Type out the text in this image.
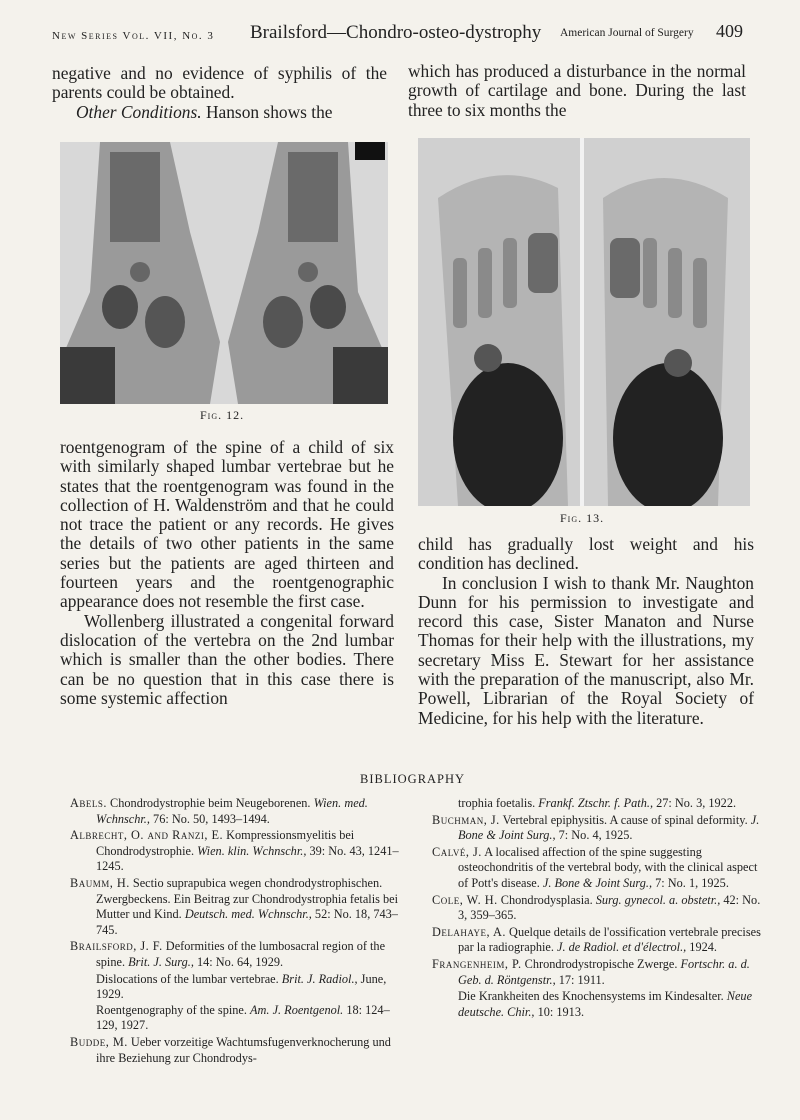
New Series Vol. VII, No. 3 Brailsford—Chondro-osteo-dystrophy American Journal of Surgery 409

negative and no evidence of syphilis of the parents could be obtained.

Other Conditions. Hanson shows the

which has produced a disturbance in the normal growth of cartilage and bone. During the last three to six months the

Fig. 12.
Fig. 13.

roentgenogram of the spine of a child of six with similarly shaped lumbar vertebrae but he states that the roentgenogram was found in the collection of H. Waldenström and that he could not trace the patient or any records. He gives the details of two other patients in the same series but the patients are aged thirteen and fourteen years and the roentgenographic appearance does not resemble the first case.

Wollenberg illustrated a congenital forward dislocation of the vertebra on the 2nd lumbar which is smaller than the other bodies. There can be no question that in this case there is some systemic affection

child has gradually lost weight and his condition has declined.

In conclusion I wish to thank Mr. Naughton Dunn for his permission to investigate and record this case, Sister Manaton and Nurse Thomas for their help with the illustrations, my secretary Miss E. Stewart for her assistance with the preparation of the manuscript, also Mr. Powell, Librarian of the Royal Society of Medicine, for his help with the literature.

BIBLIOGRAPHY

Abels. Chondrodystrophie beim Neugeborenen. Wien. med. Wchnschr., 76: No. 50, 1493–1494.

Albrecht, O. and Ranzi, E. Kompressionsmyelitis bei Chondrodystrophie. Wien. klin. Wchnschr., 39: No. 43, 1241–1245.

Baumm, H. Sectio suprapubica wegen chondrodystrophischen. Zwergbeckens. Ein Beitrag zur Chondrodystrophia fetalis bei Mutter und Kind. Deutsch. med. Wchnschr., 52: No. 18, 743–745.

Brailsford, J. F. Deformities of the lumbosacral region of the spine. Brit. J. Surg., 14: No. 64, 1929.

Dislocations of the lumbar vertebrae. Brit. J. Radiol., June, 1929.

Roentgenography of the spine. Am. J. Roentgenol. 18: 124–129, 1927.

Budde, M. Ueber vorzeitige Wachtumsfugenverknocherung und ihre Beziehung zur Chondrodys-

trophia foetalis. Frankf. Ztschr. f. Path., 27: No. 3, 1922.

Buchman, J. Vertebral epiphysitis. A cause of spinal deformity. J. Bone & Joint Surg., 7: No. 4, 1925.

Calvé, J. A localised affection of the spine suggesting osteochondritis of the vertebral body, with the clinical aspect of Pott's disease. J. Bone & Joint Surg., 7: No. 1, 1925.

Cole, W. H. Chondrodysplasia. Surg. gynecol. a. obstetr., 42: No. 3, 359–365.

Delahaye, A. Quelque details de l'ossification vertebrale precises par la radiographie. J. de Radiol. et d'électrol., 1924.

Frangenheim, P. Chrondrodystropische Zwerge. Fortschr. a. d. Geb. d. Röntgenstr., 17: 1911.

Die Krankheiten des Knochensystems im Kindesalter. Neue deutsche. Chir., 10: 1913.
